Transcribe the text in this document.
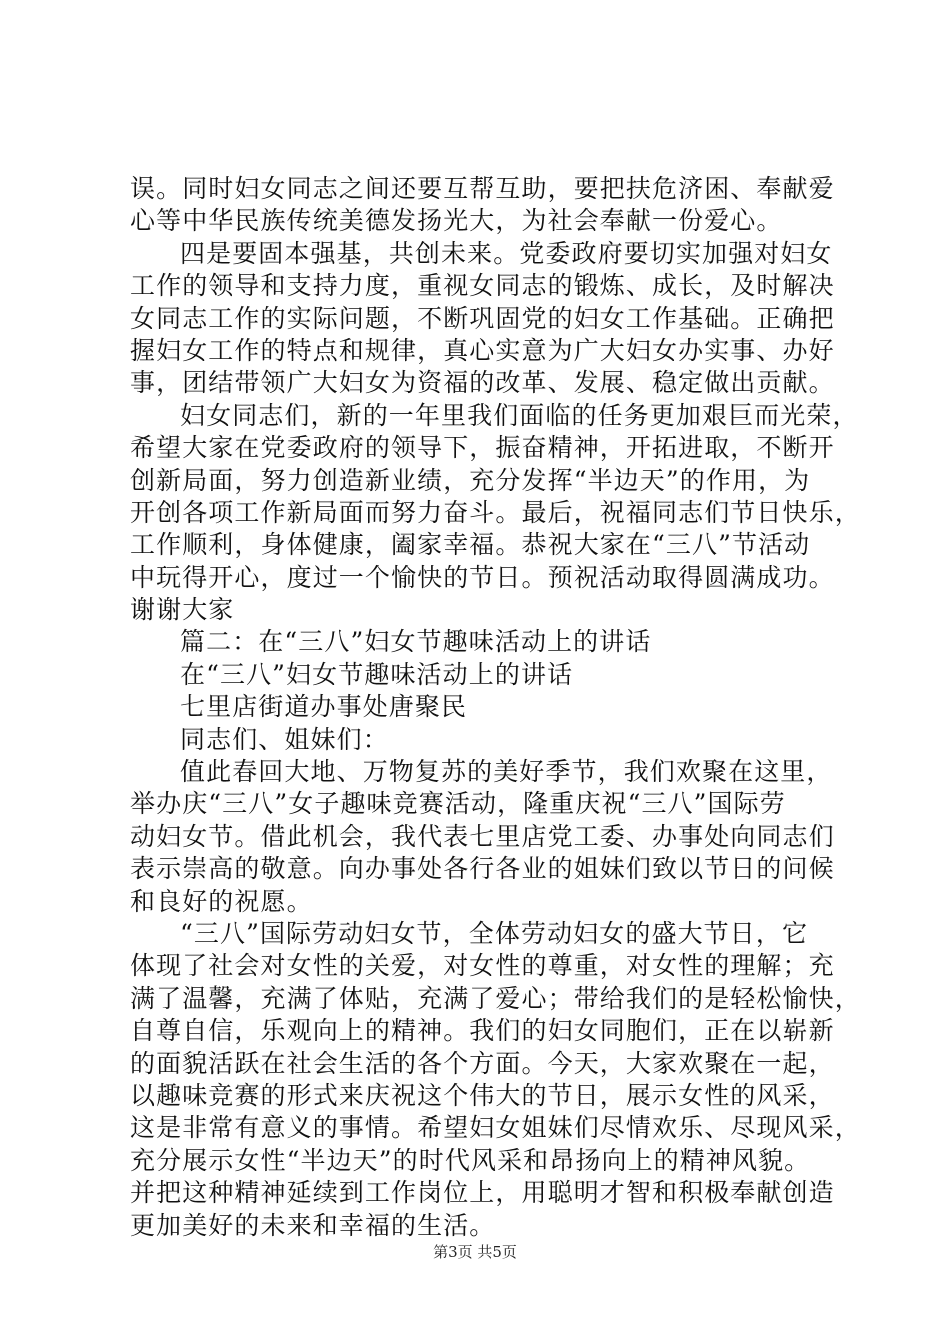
误。同时妇女同志之间还要互帮互助，要把扶危济困、奉献爱
心等中华民族传统美德发扬光大，为社会奉献一份爱心。
四是要固本强基，共创未来。党委政府要切实加强对妇女
工作的领导和支持力度，重视女同志的锻炼、成长，及时解决
女同志工作的实际问题，不断巩固党的妇女工作基础。正确把
握妇女工作的特点和规律，真心实意为广大妇女办实事、办好
事，团结带领广大妇女为资福的改革、发展、稳定做出贡献。
妇女同志们，新的一年里我们面临的任务更加艰巨而光荣，
希望大家在党委政府的领导下，振奋精神，开拓进取，不断开
创新局面，努力创造新业绩，充分发挥“半边天”的作用，为
开创各项工作新局面而努力奋斗。最后，祝福同志们节日快乐，
工作顺利，身体健康，阖家幸福。恭祝大家在“三八”节活动
中玩得开心，度过一个愉快的节日。预祝活动取得圆满成功。
谢谢大家
篇二：在“三八”妇女节趣味活动上的讲话
在“三八”妇女节趣味活动上的讲话
七里店街道办事处唐聚民
同志们、姐妹们：
值此春回大地、万物复苏的美好季节，我们欢聚在这里，
举办庆“三八”女子趣味竞赛活动，隆重庆祝“三八”国际劳
动妇女节。借此机会，我代表七里店党工委、办事处向同志们
表示崇高的敬意。向办事处各行各业的姐妹们致以节日的问候
和良好的祝愿。
“三八”国际劳动妇女节，全体劳动妇女的盛大节日，它
体现了社会对女性的关爱，对女性的尊重，对女性的理解；充
满了温馨，充满了体贴，充满了爱心；带给我们的是轻松愉快，
自尊自信，乐观向上的精神。我们的妇女同胞们，正在以崭新
的面貌活跃在社会生活的各个方面。今天，大家欢聚在一起，
以趣味竞赛的形式来庆祝这个伟大的节日，展示女性的风采，
这是非常有意义的事情。希望妇女姐妹们尽情欢乐、尽现风采，
充分展示女性“半边天”的时代风采和昂扬向上的精神风貌。
并把这种精神延续到工作岗位上，用聪明才智和积极奉献创造
更加美好的未来和幸福的生活。
第3页 共5页
